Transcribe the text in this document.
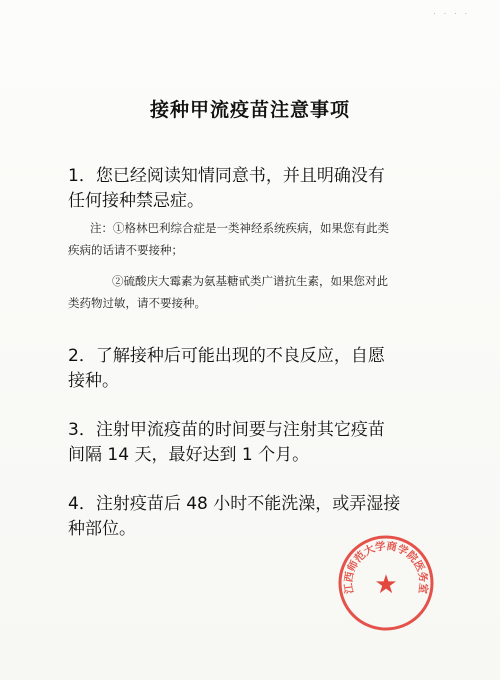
· · · ·
接种甲流疫苗注意事项
1．您已经阅读知情同意书，并且明确没有
任何接种禁忌症。
注：①格林巴利综合症是一类神经系统疾病，如果您有此类
疾病的话请不要接种；
②硫酸庆大霉素为氨基糖甙类广谱抗生素，如果您对此
类药物过敏，请不要接种。
2．了解接种后可能出现的不良反应，自愿
接种。
3．注射甲流疫苗的时间要与注射其它疫苗
间隔 14 天，最好达到 1 个月。
4．注射疫苗后 48 小时不能洗澡，或弄湿接
种部位。
江西师范大学商学院医务室
★
